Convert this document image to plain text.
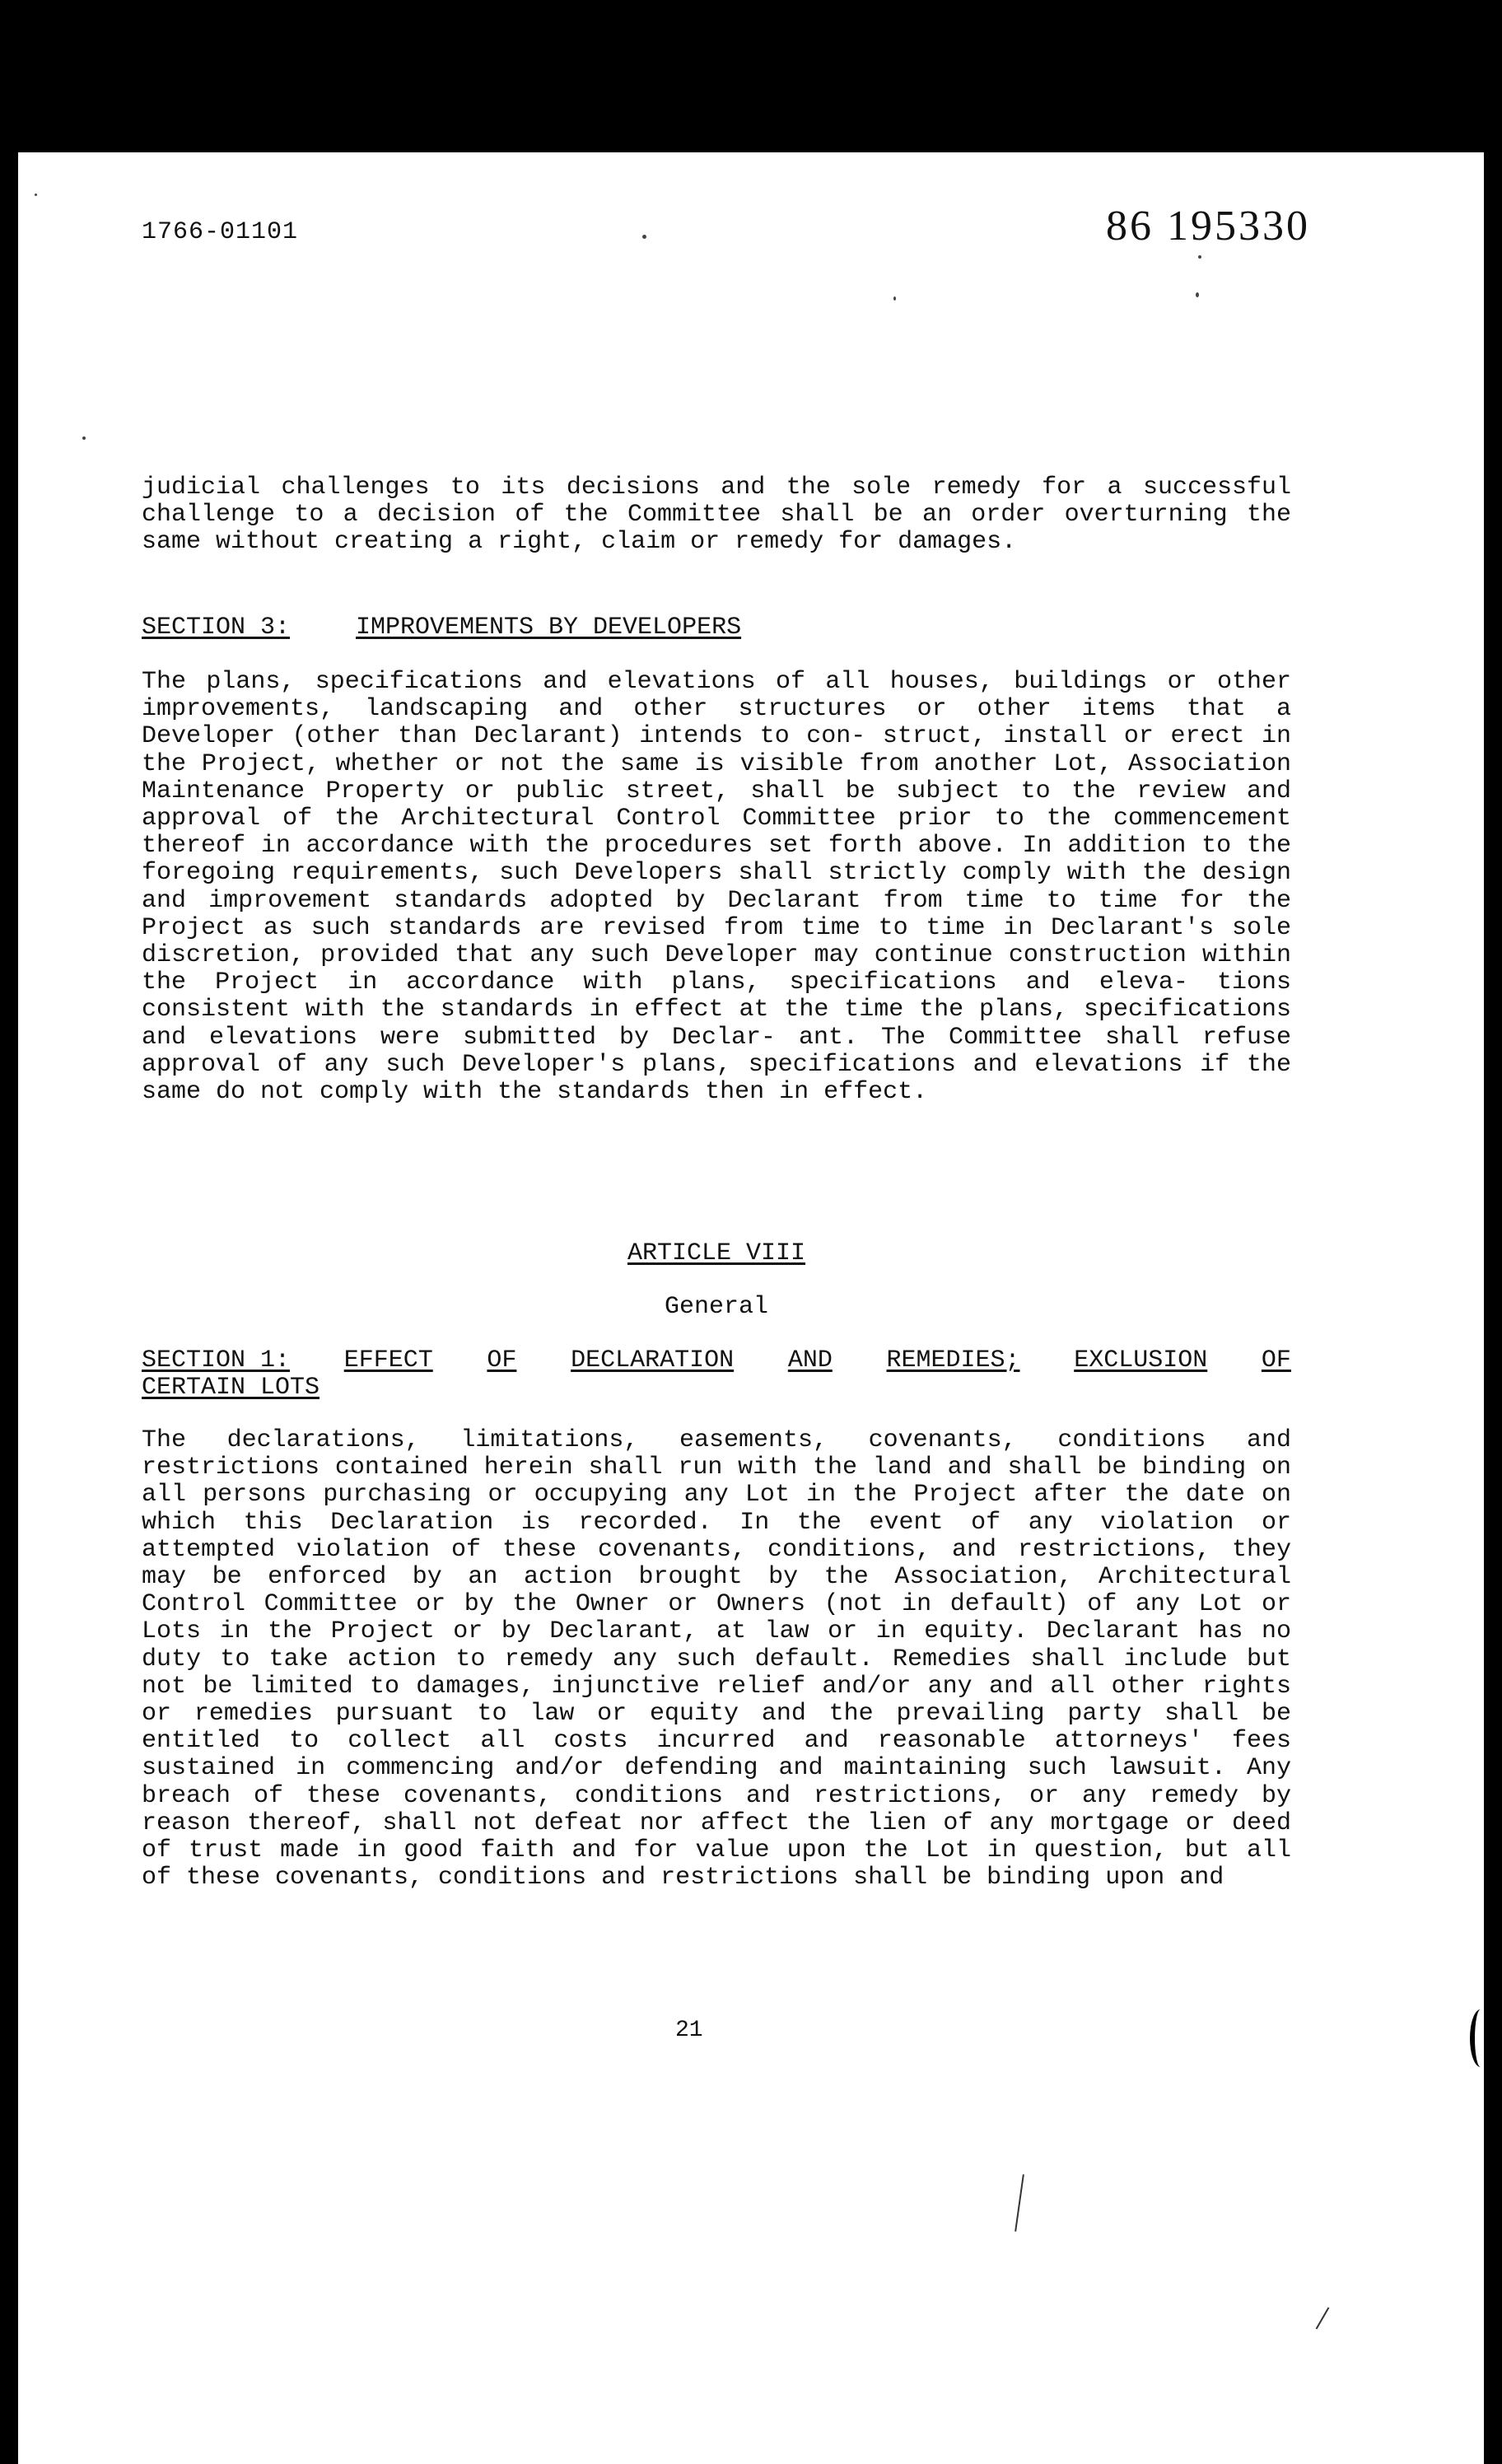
1766-01101	86 195330
judicial challenges to its decisions and the sole remedy for a successful challenge to a decision of the Committee shall be an order overturning the same without creating a right, claim or remedy for damages.
SECTION 3:	IMPROVEMENTS BY DEVELOPERS
The plans, specifications and elevations of all houses, buildings or other improvements, landscaping and other structures or other items that a Developer (other than Declarant) intends to con- struct, install or erect in the Project, whether or not the same is visible from another Lot, Association Maintenance Property or public street, shall be subject to the review and approval of the Architectural Control Committee prior to the commencement thereof in accordance with the procedures set forth above. In addition to the foregoing requirements, such Developers shall strictly comply with the design and improvement standards adopted by Declarant from time to time for the Project as such standards are revised from time to time in Declarant's sole discretion, provided that any such Developer may continue construction within the Project in accordance with plans, specifications and eleva- tions consistent with the standards in effect at the time the plans, specifications and elevations were submitted by Declar- ant. The Committee shall refuse approval of any such Developer's plans, specifications and elevations if the same do not comply with the standards then in effect.
ARTICLE VIII
General
SECTION 1: EFFECT OF DECLARATION AND REMEDIES; EXCLUSION OF
CERTAIN LOTS
The declarations, limitations, easements, covenants, conditions and restrictions contained herein shall run with the land and shall be binding on all persons purchasing or occupying any Lot in the Project after the date on which this Declaration is recorded. In the event of any violation or attempted violation of these covenants, conditions, and restrictions, they may be enforced by an action brought by the Association, Architectural Control Committee or by the Owner or Owners (not in default) of any Lot or Lots in the Project or by Declarant, at law or in equity. Declarant has no duty to take action to remedy any such default. Remedies shall include but not be limited to damages, injunctive relief and/or any and all other rights or remedies pursuant to law or equity and the prevailing party shall be entitled to collect all costs incurred and reasonable attorneys' fees sustained in commencing and/or defending and maintaining such lawsuit. Any breach of these covenants, conditions and restrictions, or any remedy by reason thereof, shall not defeat nor affect the lien of any mortgage or deed of trust made in good faith and for value upon the Lot in question, but all of these covenants, conditions and restrictions shall be binding upon and
21
